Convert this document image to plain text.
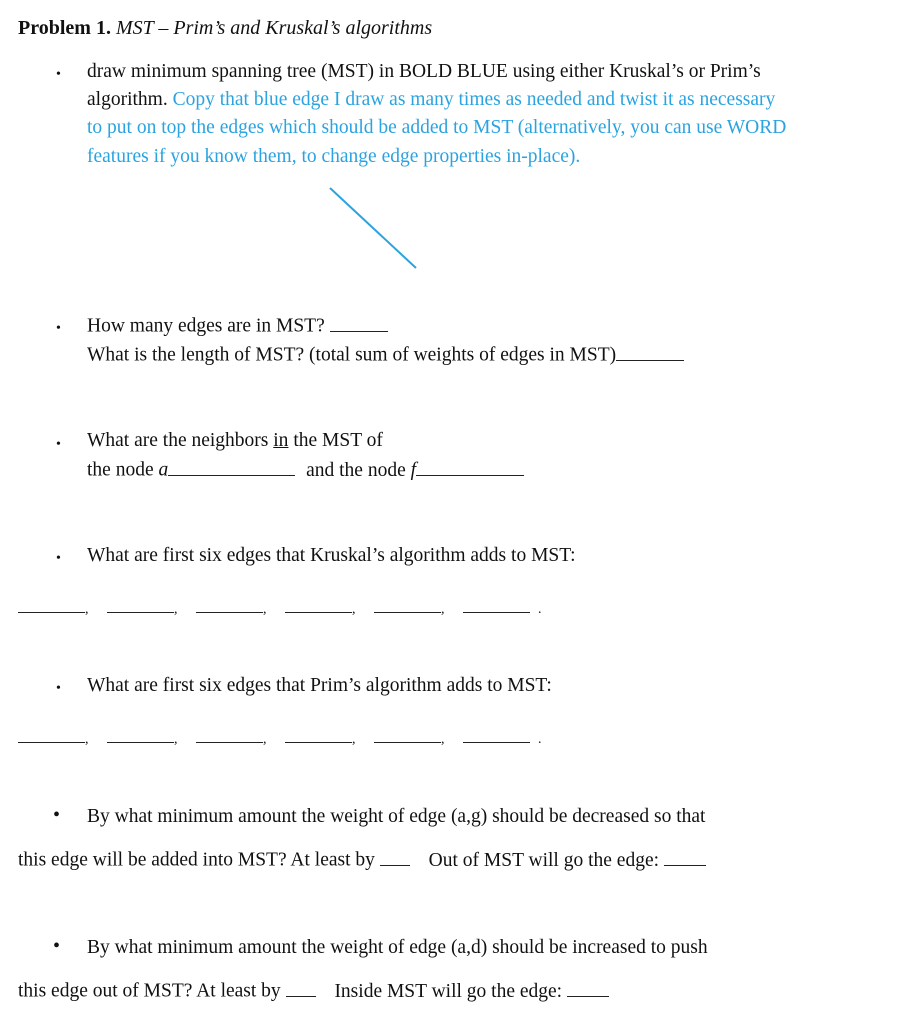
Problem 1. MST – Prim’s and Kruskal’s algorithms
• draw minimum spanning tree (MST) in BOLD BLUE using either Kruskal’s or Prim’s
algorithm. Copy that blue edge I draw as many times as needed and twist it as necessary
to put on top the edges which should be added to MST (alternatively, you can use WORD
features if you know them, to change edge properties in-place).
• How many edges are in MST?
What is the length of MST? (total sum of weights of edges in MST)
• What are the neighbors in the MST of
the node a	and the node f
• What are first six edges that Kruskal’s algorithm adds to MST:
,	,	,	,	,	.
• What are first six edges that Prim’s algorithm adds to MST:
,	,	,	,	,	.
• By what minimum amount the weight of edge (a,g) should be decreased so that
this edge will be added into MST? At least by	Out of MST will go the edge:
• By what minimum amount the weight of edge (a,d) should be increased to push
this edge out of MST? At least by	Inside MST will go the edge:
